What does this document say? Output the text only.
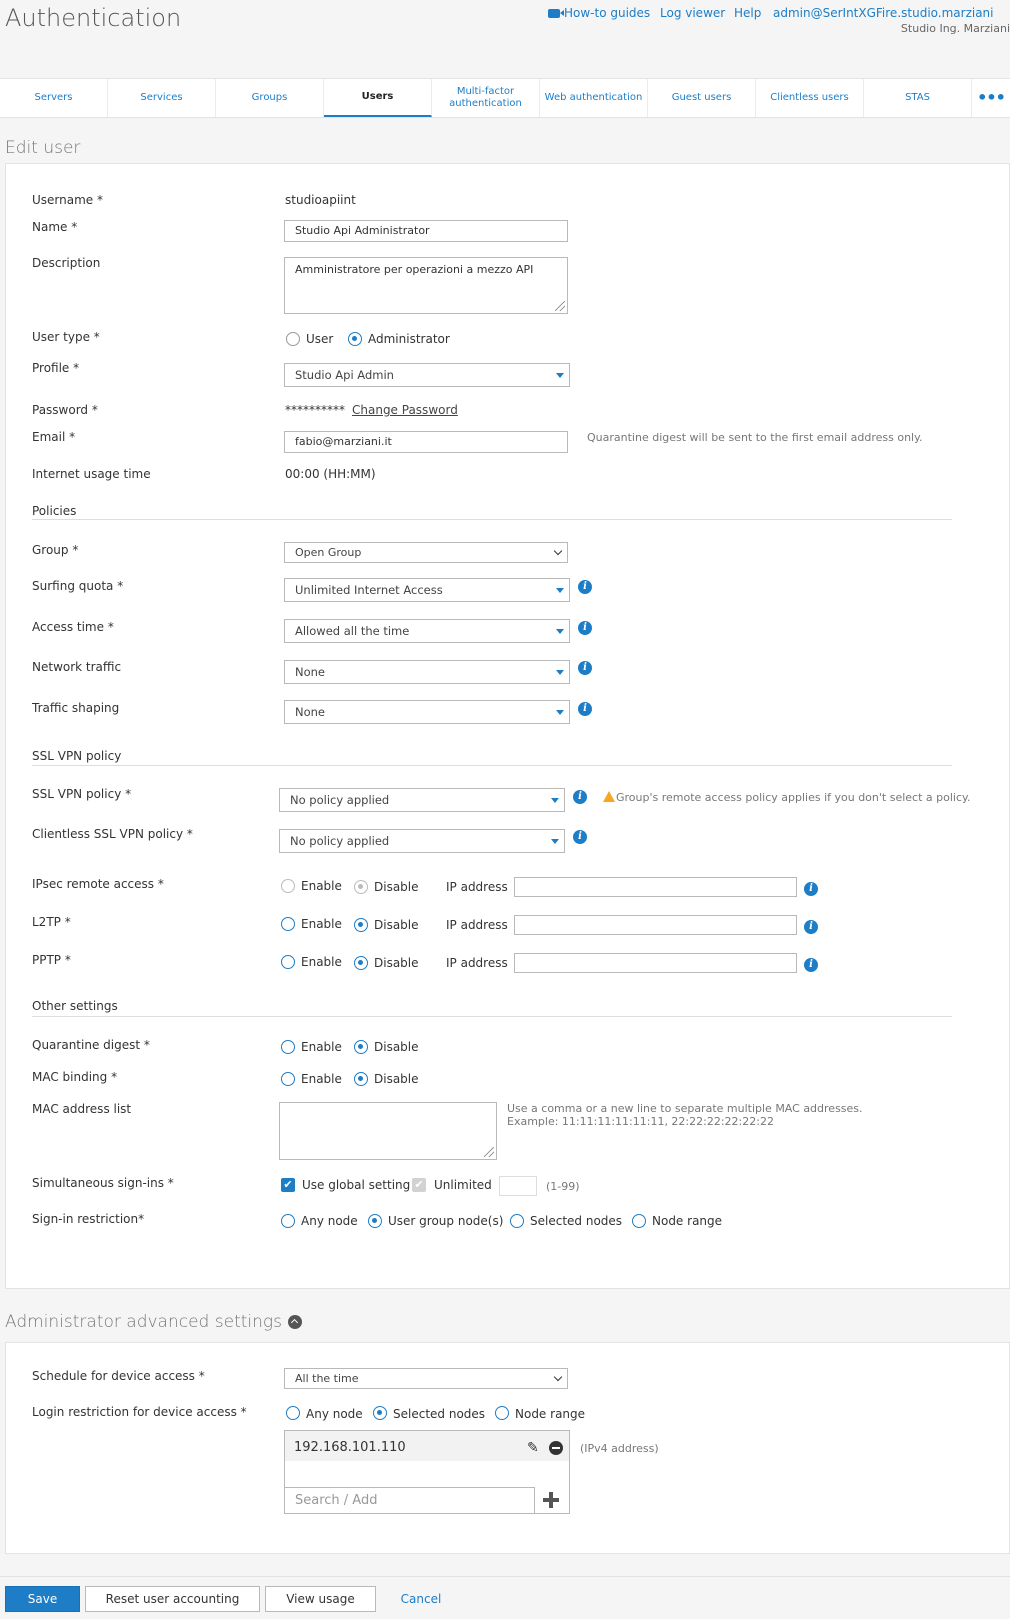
Authentication	How-to guides Log viewer Help admin@SerIntXGFire.studio.marziani
Studio Ing. Marziani
Servers	Services	Groups	Users	Multi-factor authentication
Web authentication	Guest users	Clientless users	STAS	•••
Edit user
Username *	studioapiint
Name *	Studio Api Administrator
Description	Amministratore per operazioni a mezzo API
User type *	User	Administrator
Profile *	Studio Api Admin
Password *	********** Change Password
Email *	fabio@marziani.it	Quarantine digest will be sent to the first email address only.
Internet usage time	00:00 (HH:MM)
Policies
Group *	Open Group
Surfing quota *	Unlimited Internet Access	i
Access time *	Allowed all the time	i
Network traffic	None	i
Traffic shaping	None	i
SSL VPN policy
SSL VPN policy *	No policy applied	i	Group's remote access policy applies if you don't select a policy.
Clientless SSL VPN policy *	No policy applied	i
IPsec remote access *	Enable	Disable IP address	i
L2TP *	Enable	Disable IP address	i
PPTP *	Enable	Disable IP address	i
Other settings
Quarantine digest *	Enable	Disable
MAC binding *	Enable	Disable
MAC address list	Use a comma or a new line to separate multiple MAC addresses.
Example: 11:11:11:11:11:11, 22:22:22:22:22:22
Simultaneous sign-ins *	✔ Use global setting ✔ Unlimited	(1-99)
Sign-in restriction*	Any node	User group node(s) Selected nodes Node range
Administrator advanced settings
Schedule for device access *	All the time
Login restriction for device access *	Any node	Selected nodes Node range
192.168.101.110	✎	(IPv4 address)
Search / Add
Save	Reset user accounting	View usage	Cancel
